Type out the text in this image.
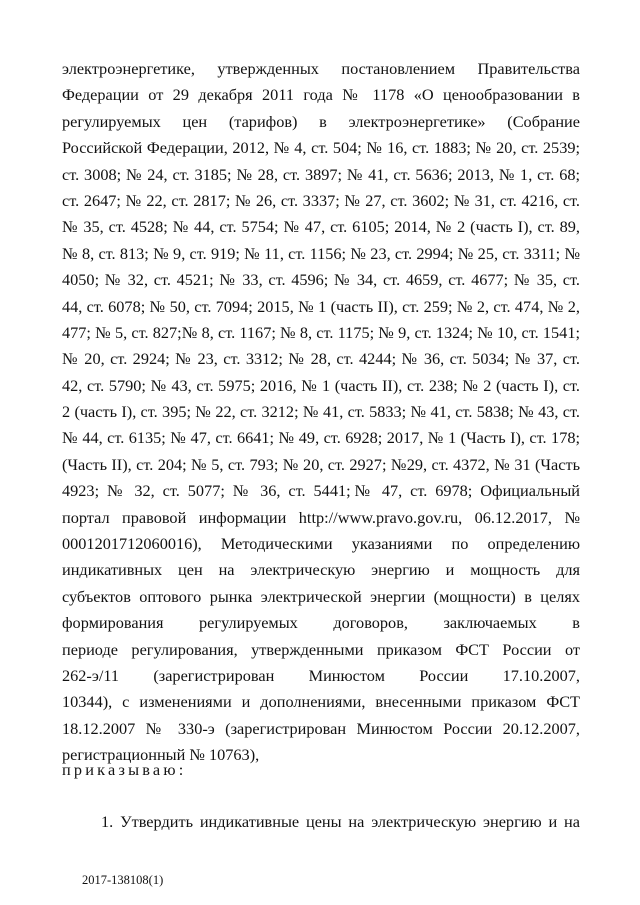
электроэнергетике, утвержденных постановлением Правительства
Федерации от 29 декабря 2011 года № 1178 «О ценообразовании в
регулируемых цен (тарифов) в электроэнергетике» (Собрание
Российской Федерации, 2012, № 4, ст. 504; № 16, ст. 1883; № 20, ст. 2539;
ст. 3008; № 24, ст. 3185; № 28, ст. 3897; № 41, ст. 5636; 2013, № 1, ст. 68;
ст. 2647; № 22, ст. 2817; № 26, ст. 3337; № 27, ст. 3602; № 31, ст. 4216, ст.
№ 35, ст. 4528; № 44, ст. 5754; № 47, ст. 6105; 2014, № 2 (часть I), ст. 89,
№ 8, ст. 813; № 9, ст. 919; № 11, ст. 1156; № 23, ст. 2994; № 25, ст. 3311; №
4050; № 32, ст. 4521; № 33, ст. 4596; № 34, ст. 4659, ст. 4677; № 35, ст.
44, ст. 6078; № 50, ст. 7094; 2015, № 1 (часть II), ст. 259; № 2, ст. 474, № 2,
477; № 5, ст. 827;№ 8, ст. 1167; № 8, ст. 1175; № 9, ст. 1324; № 10, ст. 1541;
№ 20, ст. 2924; № 23, ст. 3312; № 28, ст. 4244; № 36, ст. 5034; № 37, ст.
42, ст. 5790; № 43, ст. 5975; 2016, № 1 (часть II), ст. 238; № 2 (часть I), ст.
2 (часть I), ст. 395; № 22, ст. 3212; № 41, ст. 5833; № 41, ст. 5838; № 43, ст.
№ 44, ст. 6135; № 47, ст. 6641; № 49, ст. 6928; 2017, № 1 (Часть I), ст. 178;
(Часть II), ст. 204; № 5, ст. 793; № 20, ст. 2927; №29, ст. 4372, № 31 (Часть
4923; № 32, ст. 5077; № 36, ст. 5441;№ 47, ст. 6978; Официальный
портал правовой информации http://www.pravo.gov.ru, 06.12.2017, №
0001201712060016), Методическими указаниями по определению
индикативных цен на электрическую энергию и мощность для
субъектов оптового рынка электрической энергии (мощности) в целях
формирования регулируемых договоров, заключаемых в
периоде регулирования, утвержденными приказом ФСТ России от
262-э/11 (зарегистрирован Минюстом России 17.10.2007,
10344), с изменениями и дополнениями, внесенными приказом ФСТ
18.12.2007 № 330-э (зарегистрирован Минюстом России 20.12.2007,
регистрационный № 10763),
приказываю:
1. Утвердить индикативные цены на электрическую энергию и на
2017-138108(1)
